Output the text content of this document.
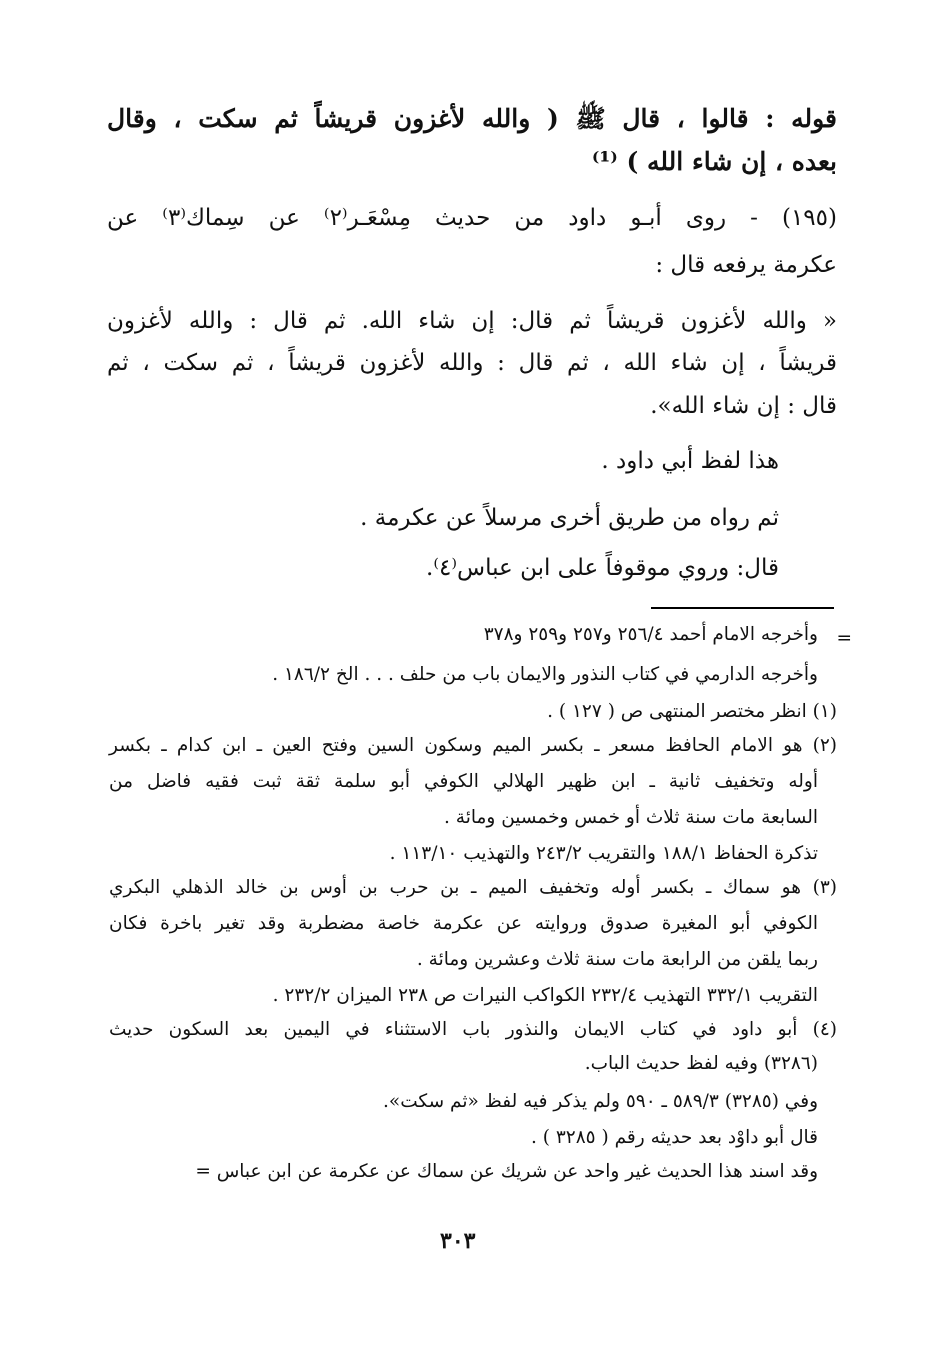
قوله : قالوا ، قال ﷺ ( والله لأغزون قريشاً ثم سكت ، وقال
بعده ، إن شاء الله ) ⁽¹⁾
(١٩٥) - روى أبـو داود من حديث مِسْعَـر⁽٢⁾ عن سِماك⁽٣⁾ عن
عكرمة يرفعه قال :
« والله لأغزون قريشاً ثم قال: إن شاء الله. ثم قال : والله لأغزون
قريشاً ، إن شاء الله ، ثم قال : والله لأغزون قريشاً ، ثم سكت ، ثم
قال : إن شاء الله».
هذا لفظ أبي داود .
ثم رواه من طريق أخرى مرسلاً عن عكرمة .
قال: وروي موقوفاً على ابن عباس⁽٤⁾.
=
وأخرجه الامام أحمد ٢٥٦/٤ و٢٥٧ و٢٥٩ و٣٧٨
وأخرجه الدارمي في كتاب النذور والايمان باب من حلف . . . الخ ١٨٦/٢ .
(١) انظر مختصر المنتهى ص ( ١٢٧ ) .
(٢) هو الامام الحافظ مسعر ـ بكسر الميم وسكون السين وفتح العين ـ ابن كدام ـ بكسر
أوله وتخفيف ثانية ـ ابن ظهير الهلالي الكوفي أبو سلمة ثقة ثبت فقيه فاضل من
السابعة مات سنة ثلاث أو خمس وخمسين ومائة .
تذكرة الحفاظ ١٨٨/١ والتقريب ٢٤٣/٢ والتهذيب ١١٣/١٠ .
(٣) هو سماك ـ بكسر أوله وتخفيف الميم ـ بن حرب بن أوس بن خالد الذهلي البكري
الكوفي أبو المغيرة صدوق وروايته عن عكرمة خاصة مضطربة وقد تغير باخرة فكان
ربما يلقن من الرابعة مات سنة ثلاث وعشرين ومائة .
التقريب ٣٣٢/١ التهذيب ٢٣٢/٤ الكواكب النيرات ص ٢٣٨ الميزان ٢٣٢/٢ .
(٤) أبو داود في كتاب الايمان والنذور باب الاستثناء في اليمين بعد السكون حديث
(٣٢٨٦) وفيه لفظ حديث الباب.
وفي (٣٢٨٥) ٥٨٩/٣ ـ ٥٩٠ ولم يذكر فيه لفظ «ثم سكت».
قال أبو داوْد بعد حديثه رقم ( ٣٢٨٥ ) .
وقد اسند هذا الحديث غير واحد عن شريك عن سماك عن عكرمة عن ابن عباس =
٣٠٣
